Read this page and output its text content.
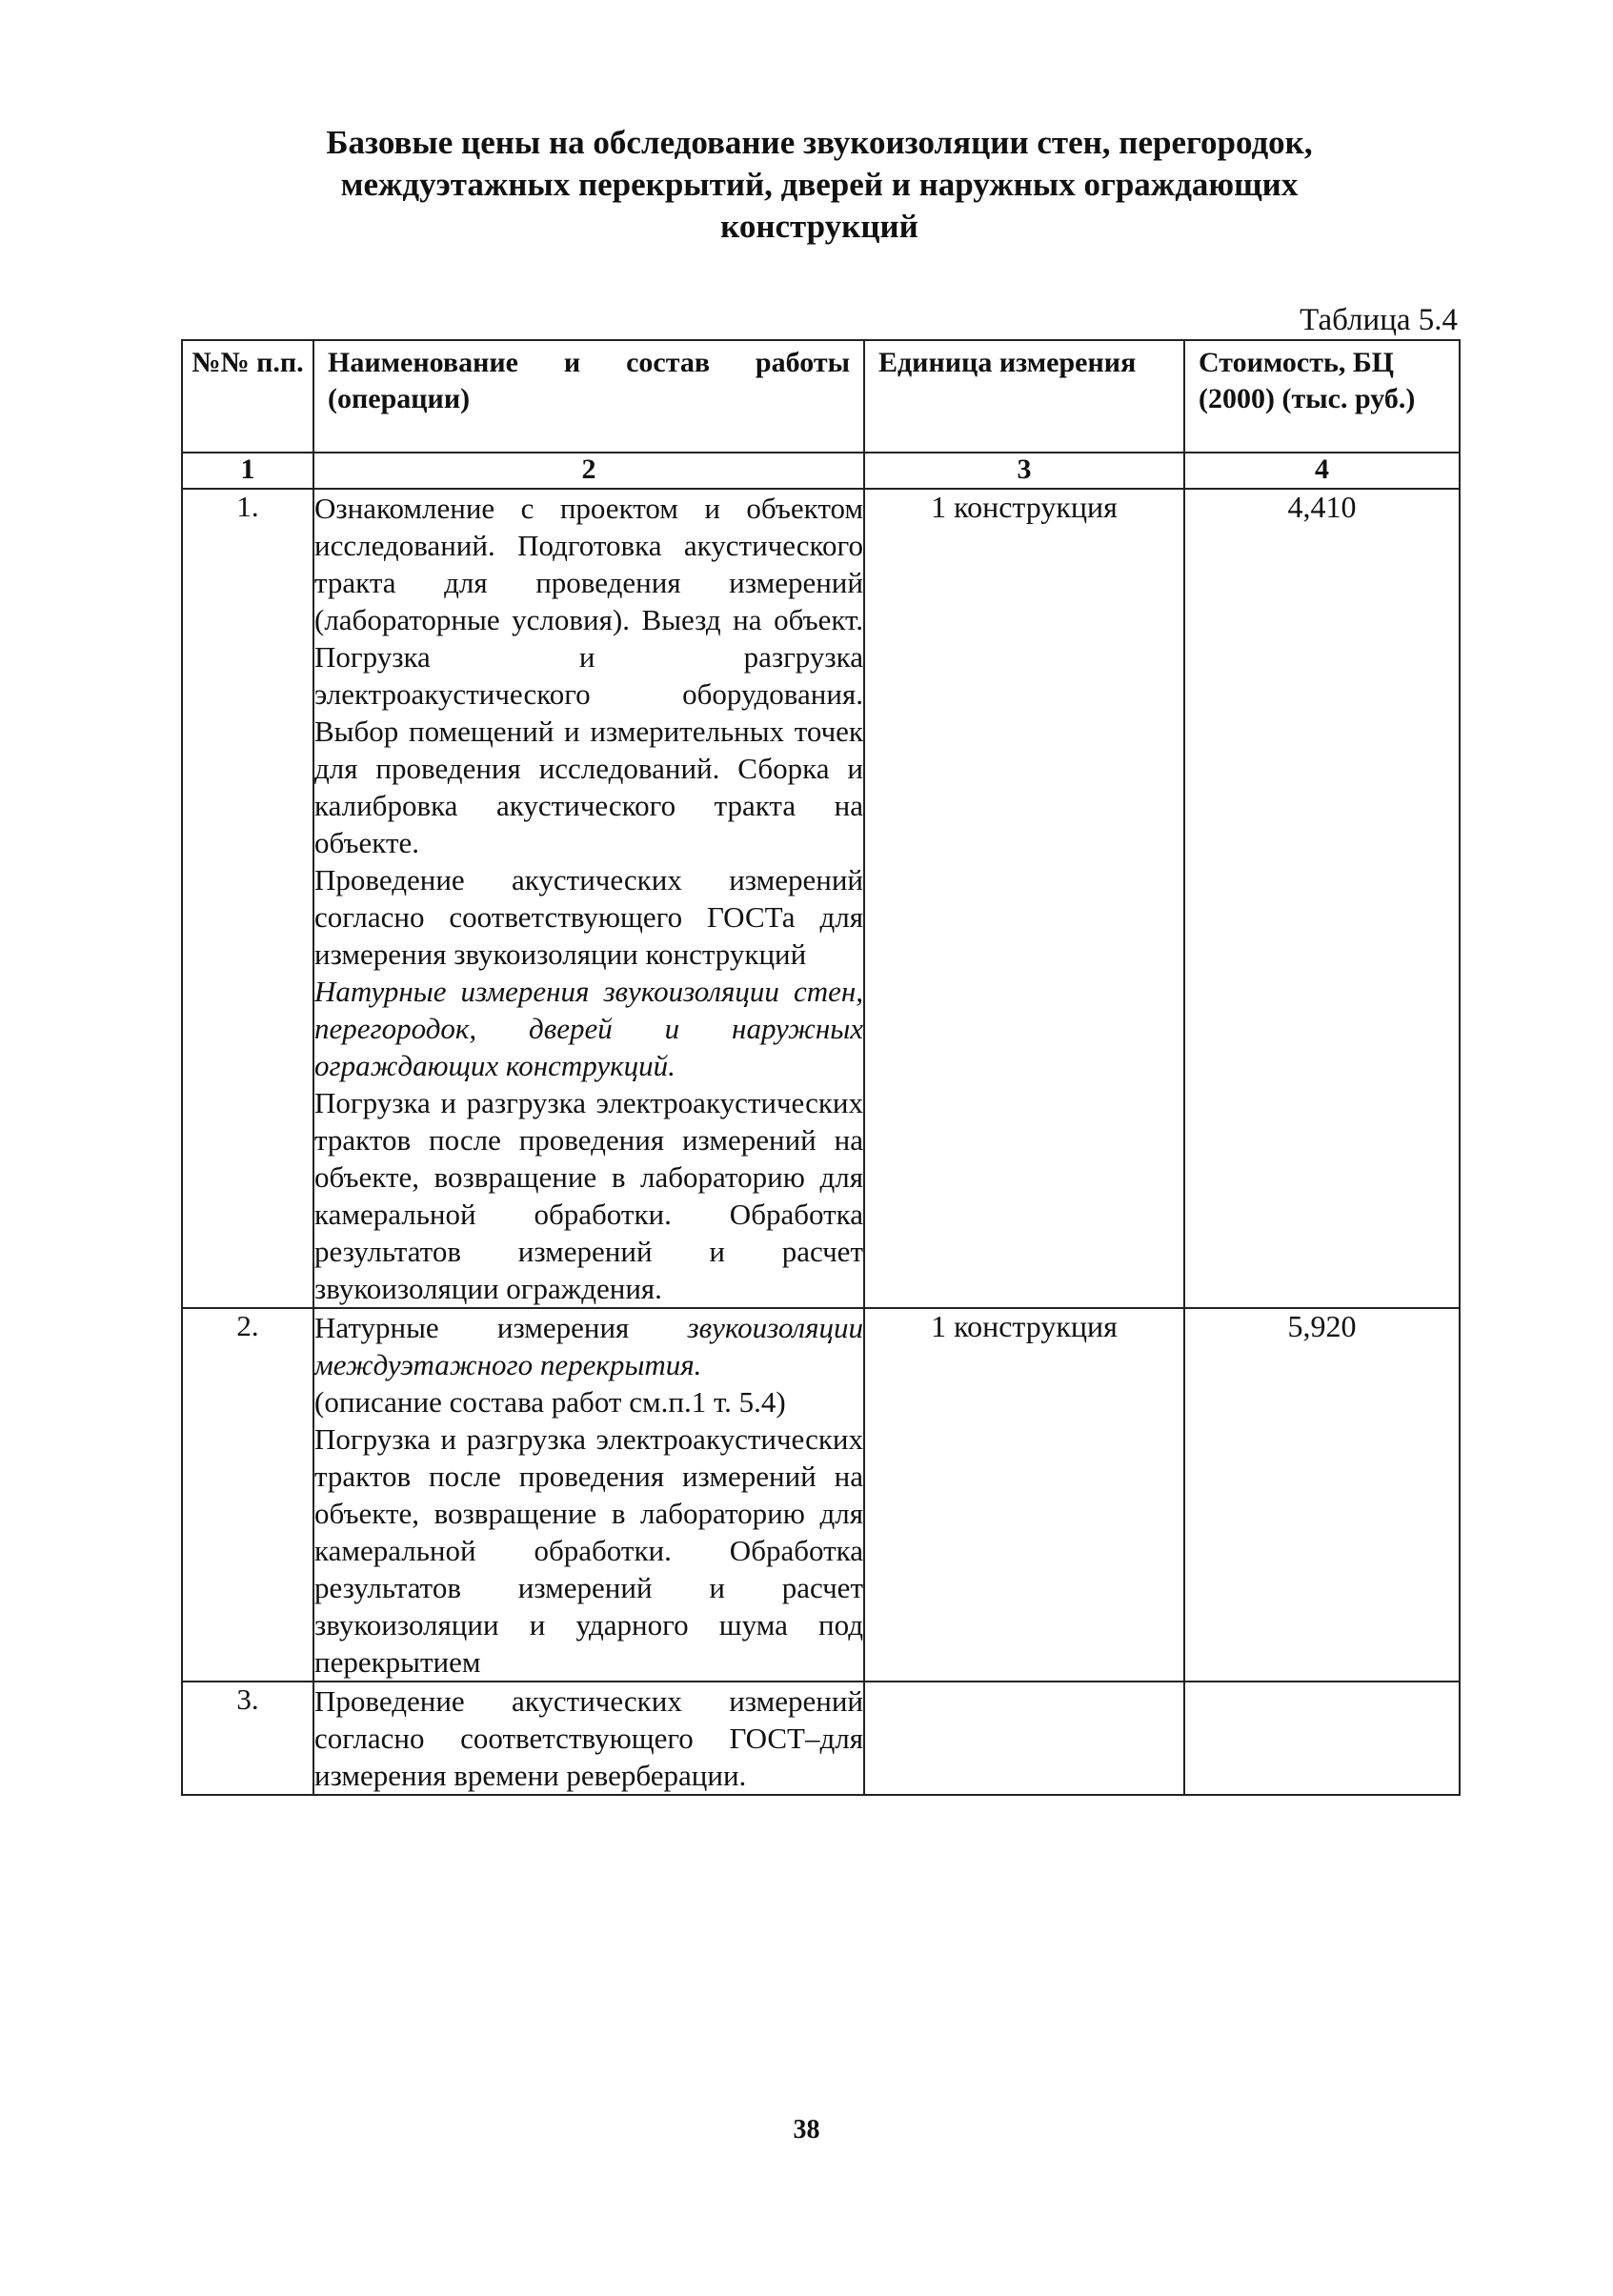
Базовые цены на обследование звукоизоляции стен, перегородок,
междуэтажных перекрытий, дверей и наружных ограждающих
конструкций
Таблица 5.4
№№ п.п.	Наименование и состав работы (операции)	Единица измерения	Стоимость, БЦ (2000) (тыс. руб.)

1	2	3	4
1.	Ознакомление с проектом и объектом исследований. Подготовка акустического тракта для проведения измерений (лабораторные условия). Выезд на объект. Погрузка и разгрузка электроакустического оборудования. Выбор помещений и измерительных точек для проведения исследований. Сборка и калибровка акустического тракта на объекте.

Проведение акустических измерений согласно соответствующего ГОСТа для измерения звукоизоляции конструкций

Натурные измерения звукоизоляции стен, перегородок, дверей и наружных ограждающих конструкций.

Погрузка и разгрузка электроакустических трактов после проведения измерений на объекте, возвращение в лабораторию для камеральной обработки. Обработка результатов измерений и расчет звукоизоляции ограждения.	1 конструкция	4,410
2.	Натурные измерения звукоизоляции междуэтажного перекрытия.

(описание состава работ см.п.1 т. 5.4)

Погрузка и разгрузка электроакустических трактов после проведения измерений на объекте, возвращение в лабораторию для камеральной обработки. Обработка результатов измерений и расчет звукоизоляции и ударного шума под перекрытием	1 конструкция	5,920
3.	Проведение акустических измерений согласно соответствующего ГОСТ–для измерения времени реверберации.		

38
